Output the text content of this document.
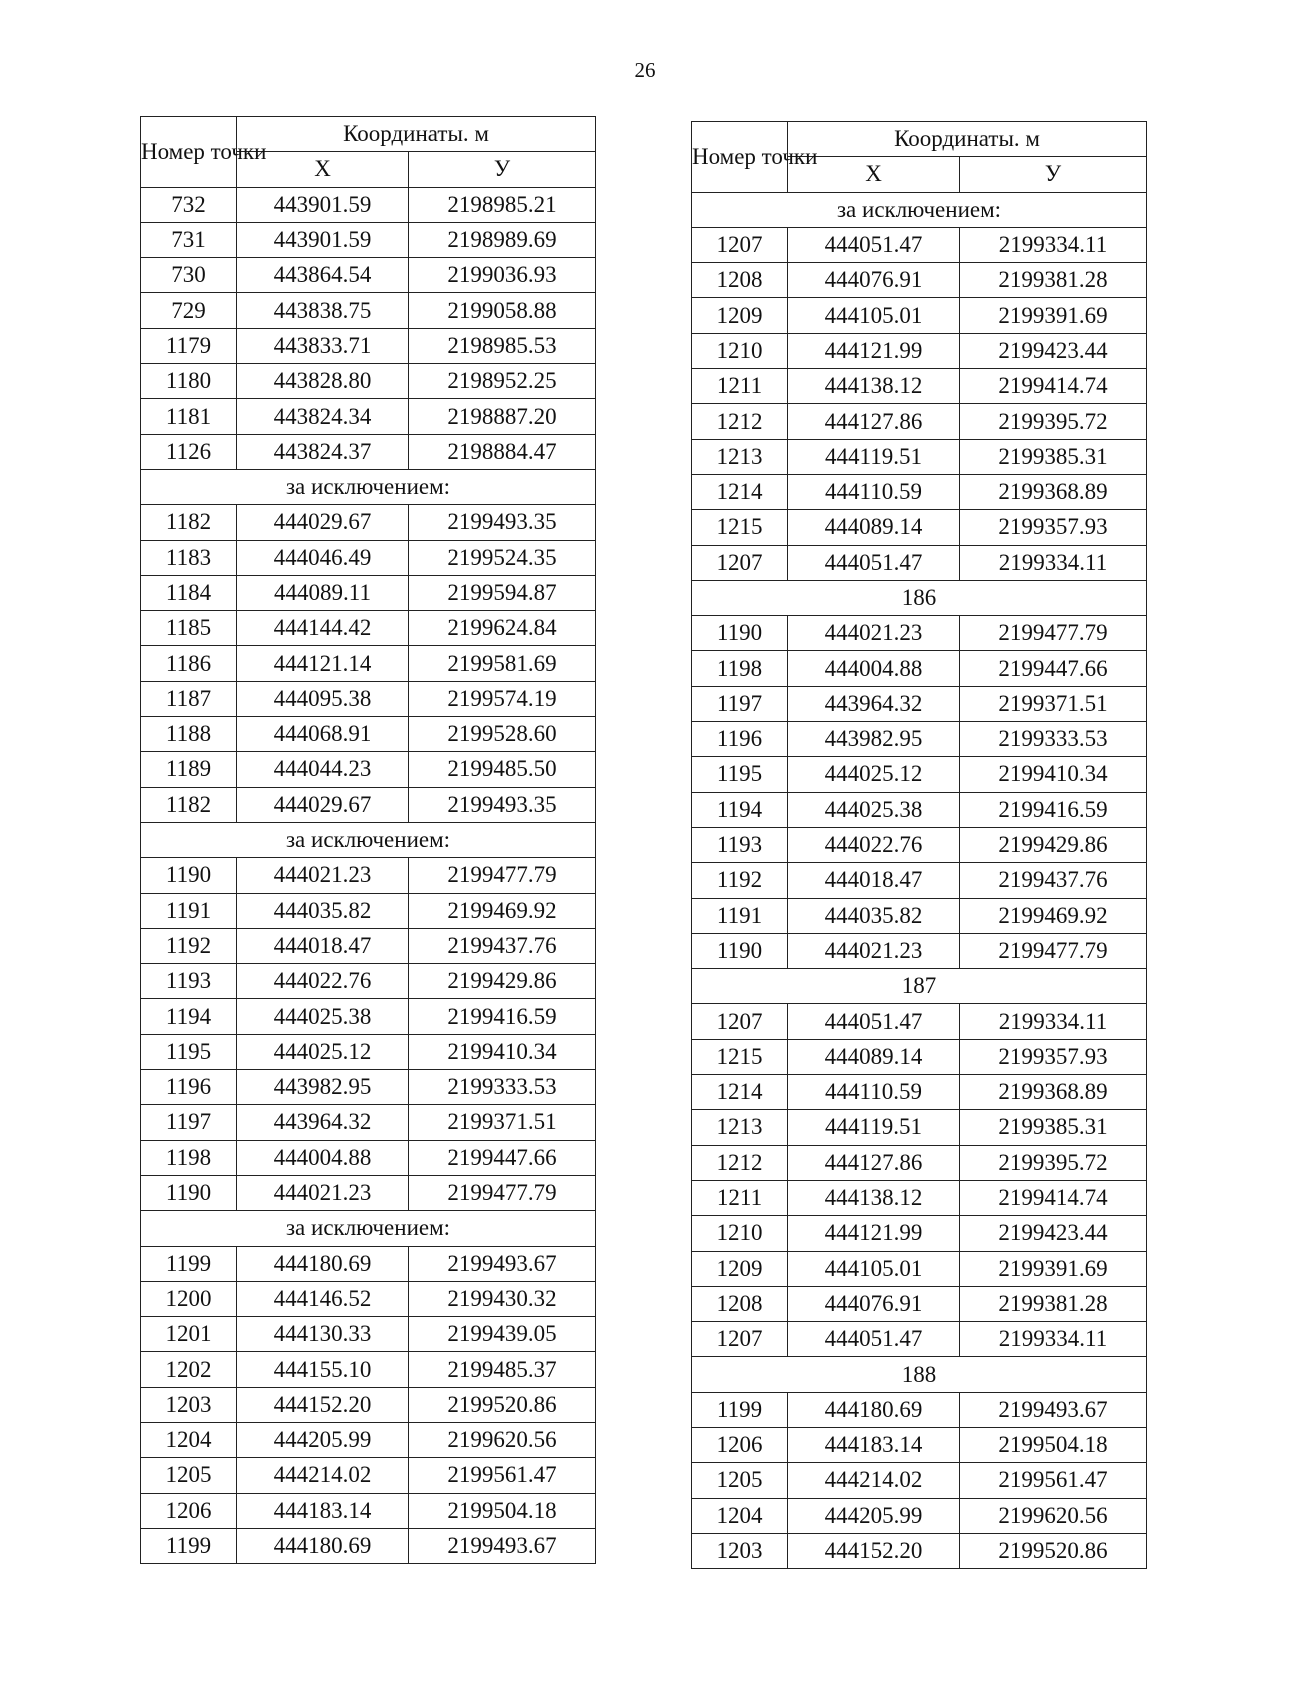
26
Номер точки	Координаты. м	
	Х	У
732	443901.59	2198985.21
731	443901.59	2198989.69
730	443864.54	2199036.93
729	443838.75	2199058.88
1179	443833.71	2198985.53
1180	443828.80	2198952.25
1181	443824.34	2198887.20
1126	443824.37	2198884.47
за исключением:		
1182	444029.67	2199493.35
1183	444046.49	2199524.35
1184	444089.11	2199594.87
1185	444144.42	2199624.84
1186	444121.14	2199581.69
1187	444095.38	2199574.19
1188	444068.91	2199528.60
1189	444044.23	2199485.50
1182	444029.67	2199493.35
за исключением:		
1190	444021.23	2199477.79
1191	444035.82	2199469.92
1192	444018.47	2199437.76
1193	444022.76	2199429.86
1194	444025.38	2199416.59
1195	444025.12	2199410.34
1196	443982.95	2199333.53
1197	443964.32	2199371.51
1198	444004.88	2199447.66
1190	444021.23	2199477.79
за исключением:		
1199	444180.69	2199493.67
1200	444146.52	2199430.32
1201	444130.33	2199439.05
1202	444155.10	2199485.37
1203	444152.20	2199520.86
1204	444205.99	2199620.56
1205	444214.02	2199561.47
1206	444183.14	2199504.18
1199	444180.69	2199493.67
Номер точки	Координаты. м	
	Х	У
за исключением:		
1207	444051.47	2199334.11
1208	444076.91	2199381.28
1209	444105.01	2199391.69
1210	444121.99	2199423.44
1211	444138.12	2199414.74
1212	444127.86	2199395.72
1213	444119.51	2199385.31
1214	444110.59	2199368.89
1215	444089.14	2199357.93
1207	444051.47	2199334.11
186		
1190	444021.23	2199477.79
1198	444004.88	2199447.66
1197	443964.32	2199371.51
1196	443982.95	2199333.53
1195	444025.12	2199410.34
1194	444025.38	2199416.59
1193	444022.76	2199429.86
1192	444018.47	2199437.76
1191	444035.82	2199469.92
1190	444021.23	2199477.79
187		
1207	444051.47	2199334.11
1215	444089.14	2199357.93
1214	444110.59	2199368.89
1213	444119.51	2199385.31
1212	444127.86	2199395.72
1211	444138.12	2199414.74
1210	444121.99	2199423.44
1209	444105.01	2199391.69
1208	444076.91	2199381.28
1207	444051.47	2199334.11
188		
1199	444180.69	2199493.67
1206	444183.14	2199504.18
1205	444214.02	2199561.47
1204	444205.99	2199620.56
1203	444152.20	2199520.86
